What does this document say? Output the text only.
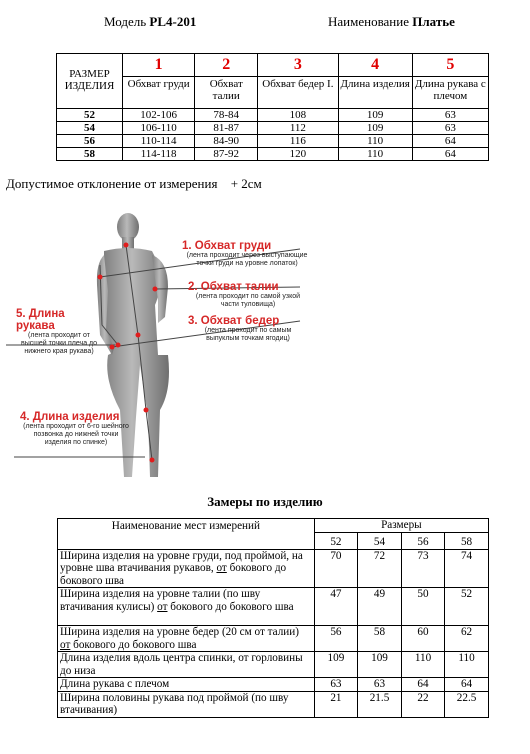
Модель PL4-201	Наименование Платье
РАЗМЕР ИЗДЕЛИЯ	1	2	3	4	5
	Обхват груди	Обхват талии	Обхват бедер I.	Длина изделия	Длина рукава с плечом
52	102-106	78-84	108	109	63
54	106-110	81-87	112	109	63
56	110-114	84-90	116	110	64
58	114-118	87-92	120	110	64
Допустимое отклонение от измерения + 2см
1. Обхват груди
(лента проходит через выступающие точки груди на уровне лопаток)
2. Обхват талии
(лента проходит по самой узкой части туловища)
3. Обхват бедер
(лента проходит по самым выпуклым точкам ягодиц)
4. Длина изделия
(лента проходит от 6-го шейного позвонка до нижней точки изделия по спинке)
5. Длина рукава
(лента проходит от высшей точки плеча до нижнего края рукава)
Замеры по изделию
Наименование мест измерений	Размеры			
	52	54	56	58
Ширина изделия на уровне груди, под проймой, на уровне шва втачивания рукавов, от бокового до бокового шва	70	72	73	74
Ширина изделия на уровне талии (по шву втачивания кулисы) от бокового до бокового шва	47	49	50	52
Ширина изделия на уровне бедер (20 см от талии) от бокового до бокового шва	56	58	60	62
Длина изделия вдоль центра спинки, от горловины до низа	109	109	110	110
Длина рукава с плечом	63	63	64	64
Ширина половины рукава под проймой (по шву втачивания)	21	21.5	22	22.5
